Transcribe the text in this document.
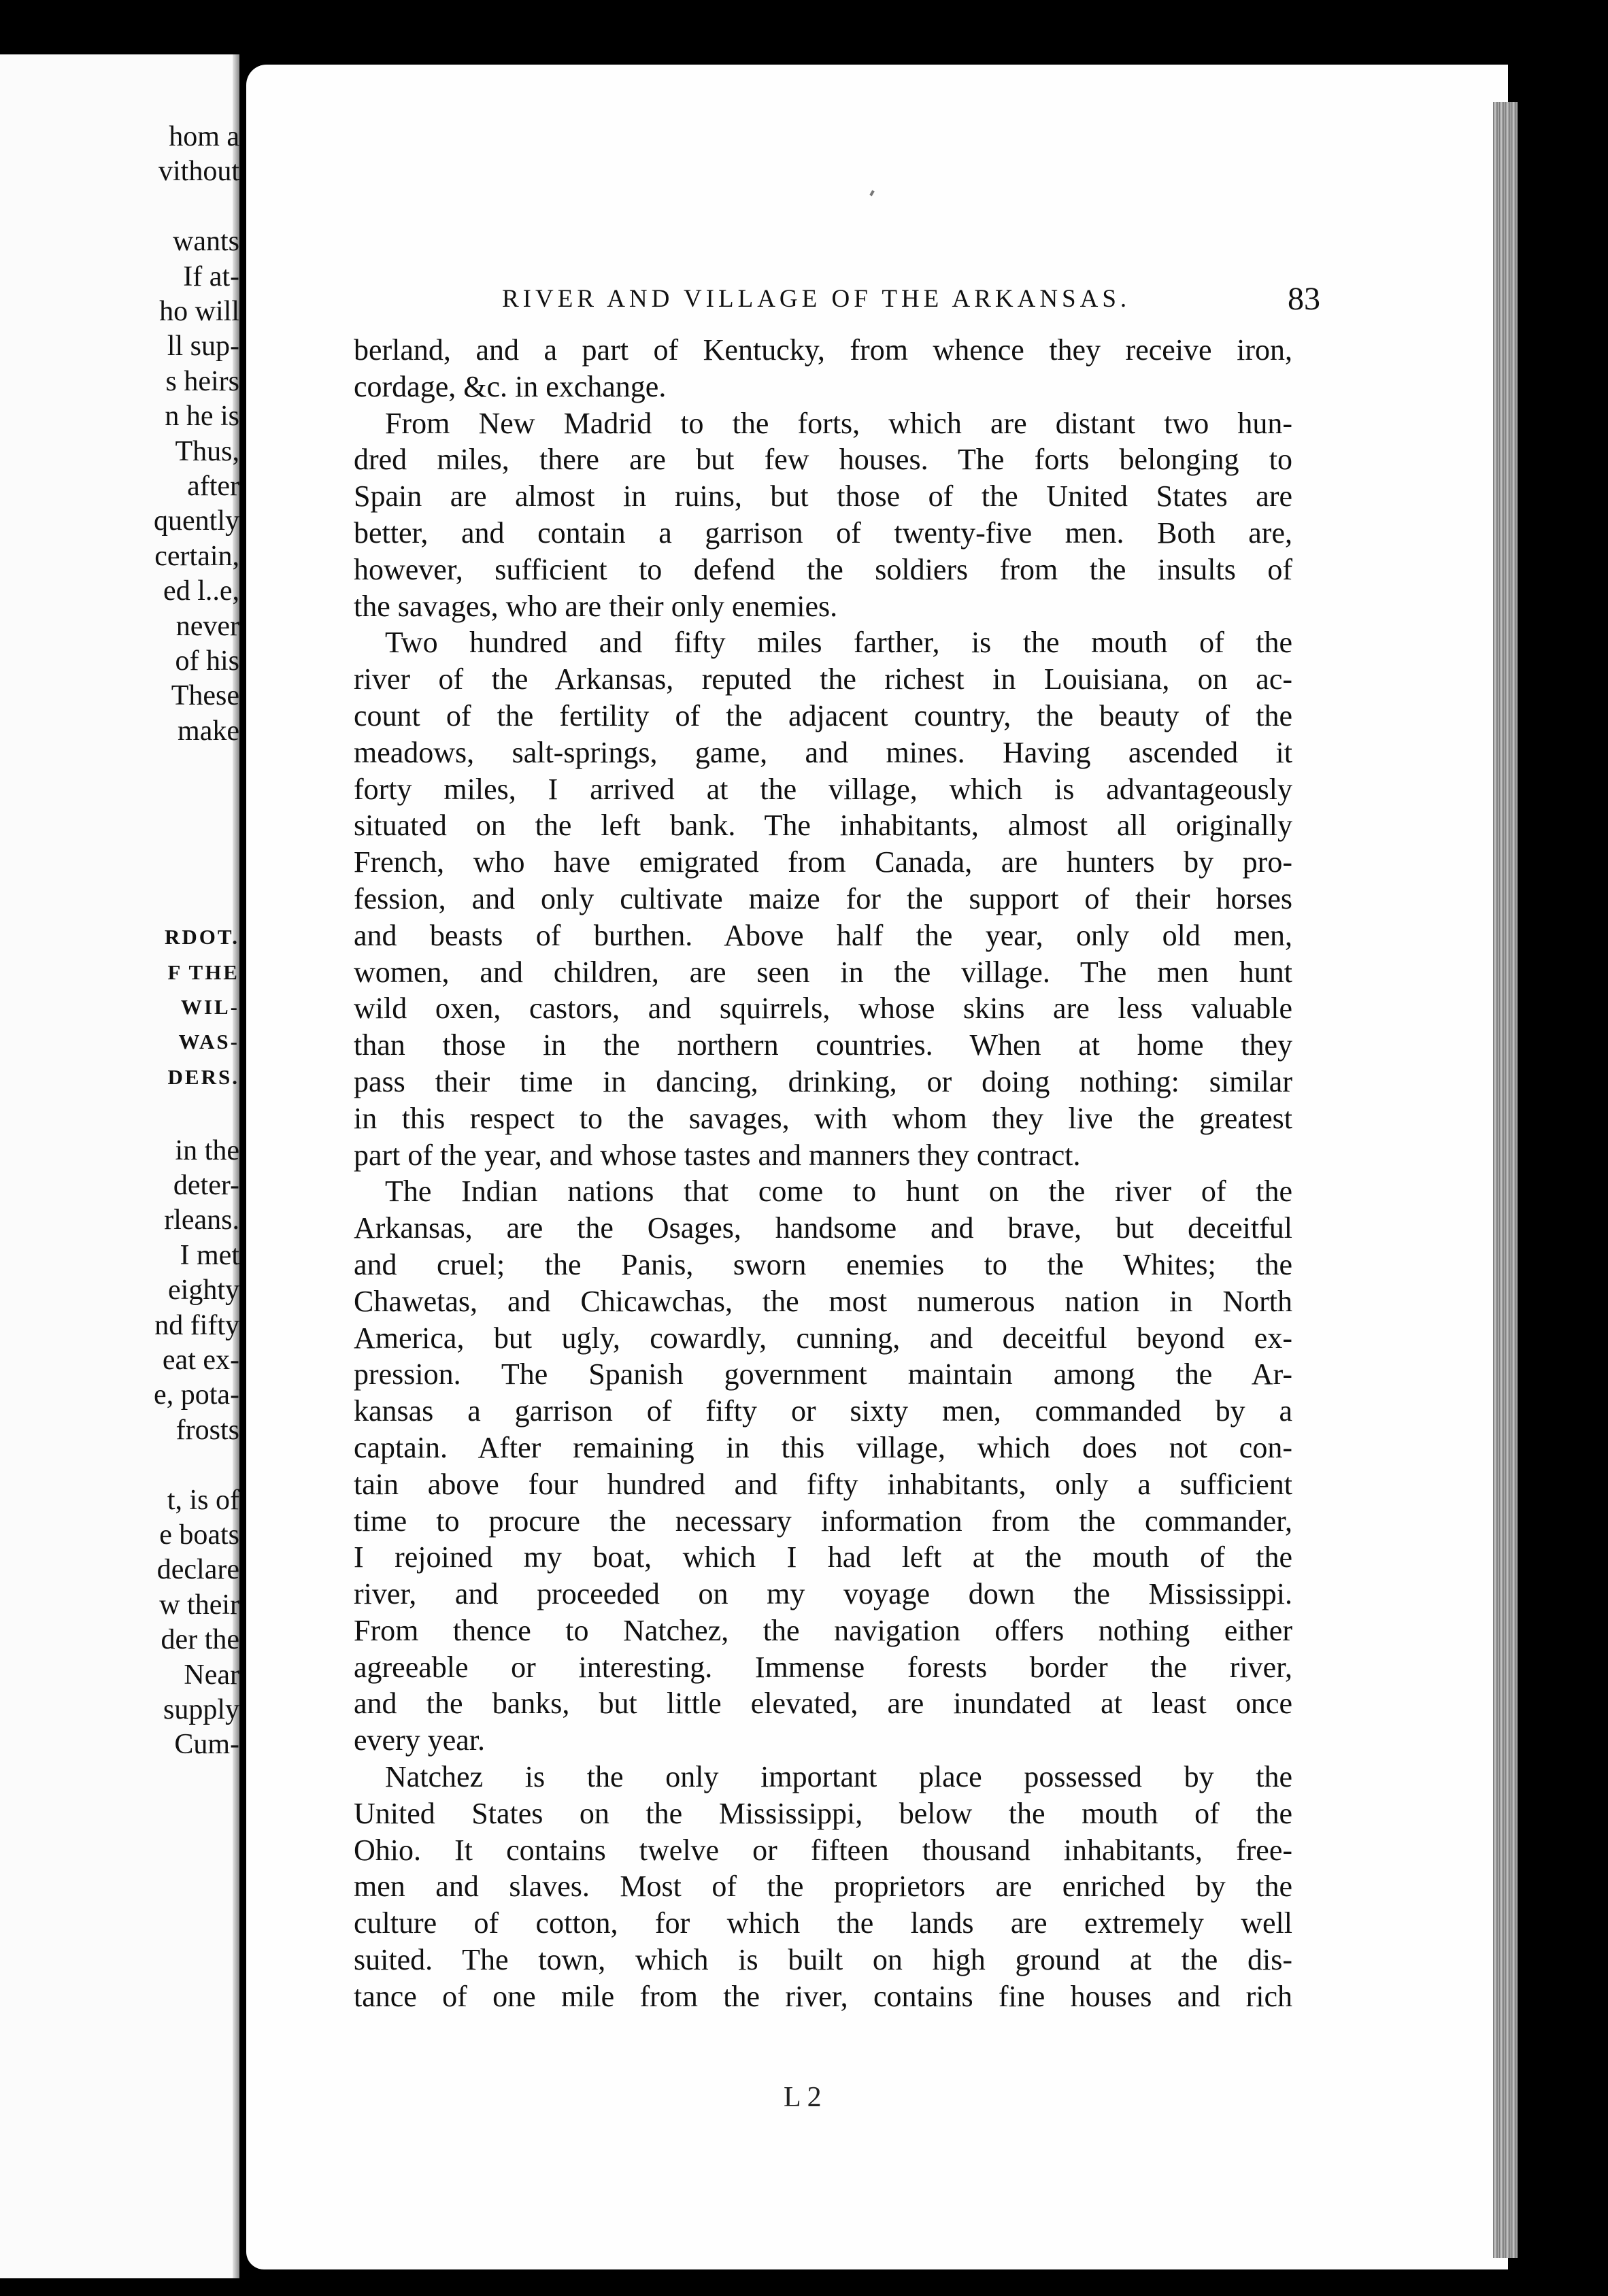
hom a
vithout
wants
If at-
ho will
ll sup-
s heirs
n he is
Thus,
after
quently
certain,
ed l..e,
never
of his
These
make
RDOT.
F THE
WIL-
WAS-
DERS.
in the
deter-
rleans.
I met
eighty
nd fifty
eat ex-
e, pota-
frosts
t, is of
e boats
declare
w their
der the
Near
supply
Cum-
RIVER AND VILLAGE OF THE ARKANSAS.	83
berland, and a part of Kentucky, from whence they receive iron,
cordage, &c. in exchange.
From New Madrid to the forts, which are distant two hun-
dred miles, there are but few houses. The forts belonging to
Spain are almost in ruins, but those of the United States are
better, and contain a garrison of twenty-five men. Both are,
however, sufficient to defend the soldiers from the insults of
the savages, who are their only enemies.
Two hundred and fifty miles farther, is the mouth of the
river of the Arkansas, reputed the richest in Louisiana, on ac-
count of the fertility of the adjacent country, the beauty of the
meadows, salt-springs, game, and mines. Having ascended it
forty miles, I arrived at the village, which is advantageously
situated on the left bank. The inhabitants, almost all originally
French, who have emigrated from Canada, are hunters by pro-
fession, and only cultivate maize for the support of their horses
and beasts of burthen. Above half the year, only old men,
women, and children, are seen in the village. The men hunt
wild oxen, castors, and squirrels, whose skins are less valuable
than those in the northern countries. When at home they
pass their time in dancing, drinking, or doing nothing: similar
in this respect to the savages, with whom they live the greatest
part of the year, and whose tastes and manners they contract.
The Indian nations that come to hunt on the river of the
Arkansas, are the Osages, handsome and brave, but deceitful
and cruel; the Panis, sworn enemies to the Whites; the
Chawetas, and Chicawchas, the most numerous nation in North
America, but ugly, cowardly, cunning, and deceitful beyond ex-
pression. The Spanish government maintain among the Ar-
kansas a garrison of fifty or sixty men, commanded by a
captain. After remaining in this village, which does not con-
tain above four hundred and fifty inhabitants, only a sufficient
time to procure the necessary information from the commander,
I rejoined my boat, which I had left at the mouth of the
river, and proceeded on my voyage down the Mississippi.
From thence to Natchez, the navigation offers nothing either
agreeable or interesting. Immense forests border the river,
and the banks, but little elevated, are inundated at least once
every year.
Natchez is the only important place possessed by the
United States on the Mississippi, below the mouth of the
Ohio. It contains twelve or fifteen thousand inhabitants, free-
men and slaves. Most of the proprietors are enriched by the
culture of cotton, for which the lands are extremely well
suited. The town, which is built on high ground at the dis-
tance of one mile from the river, contains fine houses and rich
L 2
